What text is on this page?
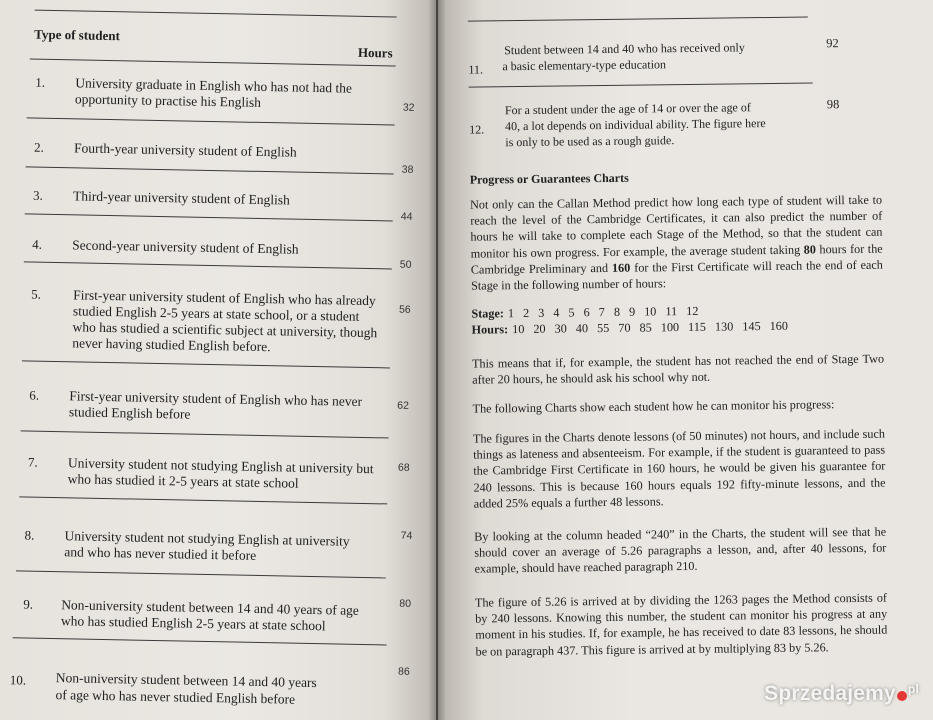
Type of student
Hours
1. University graduate in English who has not had the
opportunity to practise his English	32
2. Fourth-year university student of English
38
3. Third-year university student of English
44
4. Second-year university student of English
50
5. First-year university student of English who has already
studied English 2-5 years at state school, or a student
who has studied a scientific subject at university, though
never having studied English before.
56
6. First-year university student of English who has never
studied English before	62
7. University student not studying English at university but
who has studied it 2-5 years at state school
68
8. University student not studying English at university
and who has never studied it before
74
9. Non-university student between 14 and 40 years of age
who has studied English 2-5 years at state school
80
10. Non-university student between 14 and 40 years
of age who has never studied English before
86
11.
Student between 14 and 40 who has received only
a basic elementary-type education
92
12.
For a student under the age of 14 or over the age of
40, a lot depends on individual ability. The figure here
is only to be used as a rough guide.
98
Progress or Guarantees Charts
Not only can the Callan Method predict how long each type of student will take to reach the level of the Cambridge Certificates, it can also predict the number of hours he will take to complete each Stage of the Method, so that the student can monitor his own progress. For example, the average student taking 80 hours for the Cambridge Preliminary and 160 for the First Certificate will reach the end of each Stage in the following number of hours:
Stage: 1 2 3 4 5 6 7 8 9 10 11 12
Hours: 10 20 30 40 55 70 85 100 115 130 145 160
This means that if, for example, the student has not reached the end of Stage Two after 20 hours, he should ask his school why not.
The following Charts show each student how he can monitor his progress:
The figures in the Charts denote lessons (of 50 minutes) not hours, and include such things as lateness and absenteeism. For example, if the student is guaranteed to pass the Cambridge First Certificate in 160 hours, he would be given his guarantee for 240 lessons. This is because 160 hours equals 192 fifty-minute lessons, and the added 25% equals a further 48 lessons.
By looking at the column headed “240” in the Charts, the student will see that he should cover an average of 5.26 paragraphs a lesson, and, after 40 lessons, for example, should have reached paragraph 210.
The figure of 5.26 is arrived at by dividing the 1263 pages the Method consists of by 240 lessons. Knowing this number, the student can monitor his progress at any moment in his studies. If, for example, he has received to date 83 lessons, he should be on paragraph 437. This figure is arrived at by multiplying 83 by 5.26.
Sprzedajemy $^{pl}$
